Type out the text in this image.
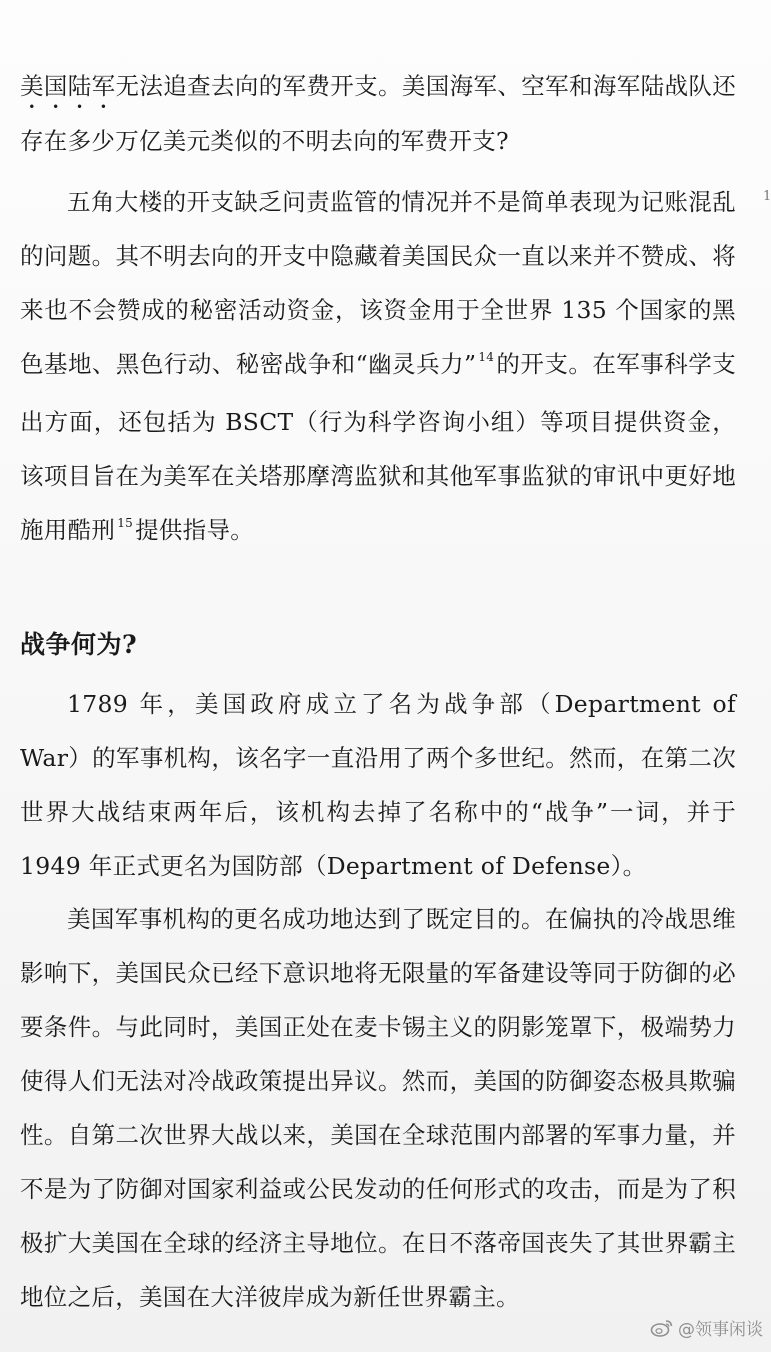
美国陆军无法追查去向的军费开支。美国海军、空军和海军陆战队还存在多少万亿美元类似的不明去向的军费开支?

五角大楼的开支缺乏问责监管的情况并不是简单表现为记账混乱的问题。其不明去向的开支中隐藏着美国民众一直以来并不赞成、将来也不会赞成的秘密活动资金，该资金用于全世界 135 个国家的黑色基地、黑色行动、秘密战争和“幽灵兵力” $^{14}$的开支。在军事科学支出方面，还包括为 BSCT（行为科学咨询小组）等项目提供资金，该项目旨在为美军在关塔那摩湾监狱和其他军事监狱的审讯中更好地施用酷刑 $^{15}$提供指导。

1
战争何为?

1789 年，美国政府成立了名为战争部（Department of War）的军事机构，该名字一直沿用了两个多世纪。然而，在第二次世界大战结束两年后，该机构去掉了名称中的“战争”一词，并于 1949 年正式更名为国防部（Department of Defense）。

美国军事机构的更名成功地达到了既定目的。在偏执的冷战思维影响下，美国民众已经下意识地将无限量的军备建设等同于防御的必要条件。与此同时，美国正处在麦卡锡主义的阴影笼罩下，极端势力使得人们无法对冷战政策提出异议。然而，美国的防御姿态极具欺骗性。自第二次世界大战以来，美国在全球范围内部署的军事力量，并不是为了防御对国家利益或公民发动的任何形式的攻击，而是为了积极扩大美国在全球的经济主导地位。在日不落帝国丧失了其世界霸主地位之后，美国在大洋彼岸成为新任世界霸主。

@领事闲谈
